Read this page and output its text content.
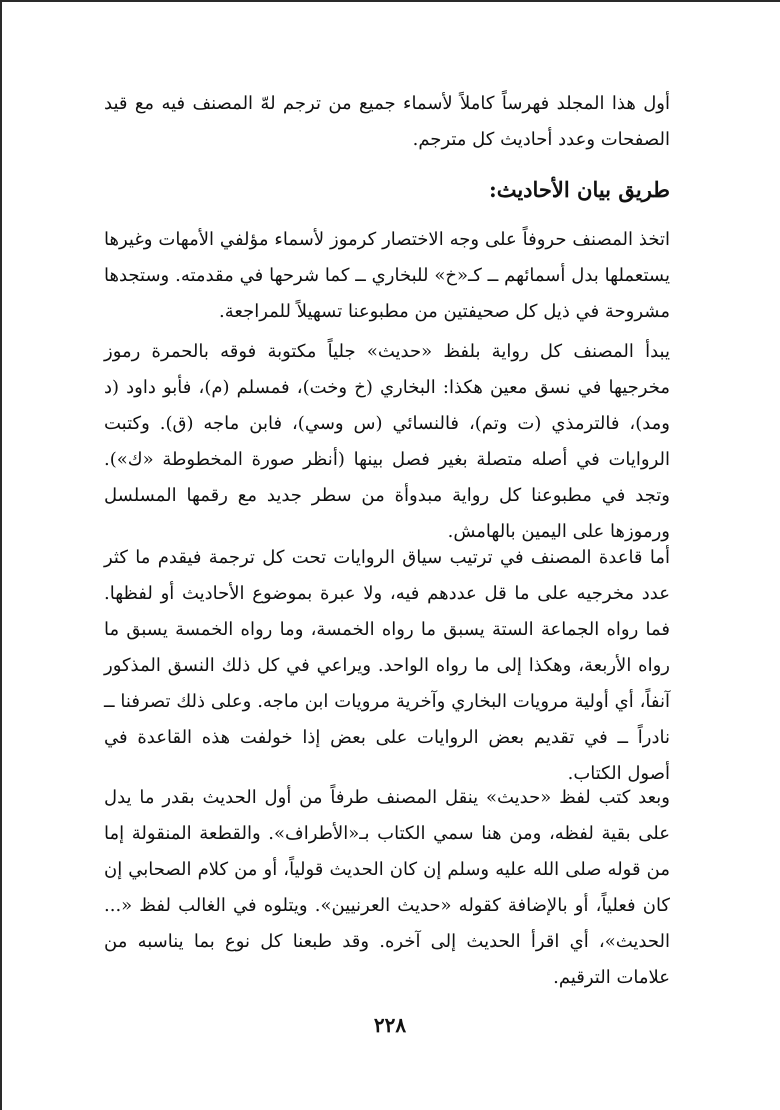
أول هذا المجلد فهرساً كاملاً لأسماء جميع من ترجم لهّ المصنف فيه مع قيد الصفحات وعدد أحاديث كل مترجم.

طريق بيان الأحاديث:

اتخذ المصنف حروفاً على وجه الاختصار كرموز لأسماء مؤلفي الأمهات وغيرها يستعملها بدل أسمائهم ــ كـ«خ» للبخاري ــ كما شرحها في مقدمته. وستجدها مشروحة في ذيل كل صحيفتين من مطبوعنا تسهيلاً للمراجعة.

يبدأ المصنف كل رواية بلفظ «حديث» جلياً مكتوبة فوقه بالحمرة رموز مخرجيها في نسق معين هكذا: البخاري (خ وخت)، فمسلم (م)، فأبو داود (د ومد)، فالترمذي (ت وتم)، فالنسائي (س وسي)، فابن ماجه (ق). وكتبت الروايات في أصله متصلة بغير فصل بينها (أنظر صورة المخطوطة «ك»). وتجد في مطبوعنا كل رواية مبدوأة من سطر جديد مع رقمها المسلسل ورموزها على اليمين بالهامش.

أما قاعدة المصنف في ترتيب سياق الروايات تحت كل ترجمة فيقدم ما كثر عدد مخرجيه على ما قل عددهم فيه، ولا عبرة بموضوع الأحاديث أو لفظها. فما رواه الجماعة الستة يسبق ما رواه الخمسة، وما رواه الخمسة يسبق ما رواه الأربعة، وهكذا إلى ما رواه الواحد. ويراعي في كل ذلك النسق المذكور آنفاً، أي أولية مرويات البخاري وآخرية مرويات ابن ماجه. وعلى ذلك تصرفنا ــ نادراً ــ في تقديم بعض الروايات على بعض إذا خولفت هذه القاعدة في أصول الكتاب.

وبعد كتب لفظ «حديث» ينقل المصنف طرفاً من أول الحديث بقدر ما يدل على بقية لفظه، ومن هنا سمي الكتاب بـ«الأطراف». والقطعة المنقولة إما من قوله صلى الله عليه وسلم إن كان الحديث قولياً، أو من كلام الصحابي إن كان فعلياً، أو بالإضافة كقوله «حديث العرنيين». ويتلوه في الغالب لفظ «... الحديث»، أي اقرأ الحديث إلى آخره. وقد طبعنا كل نوع بما يناسبه من علامات الترقيم.

٢٢٨
